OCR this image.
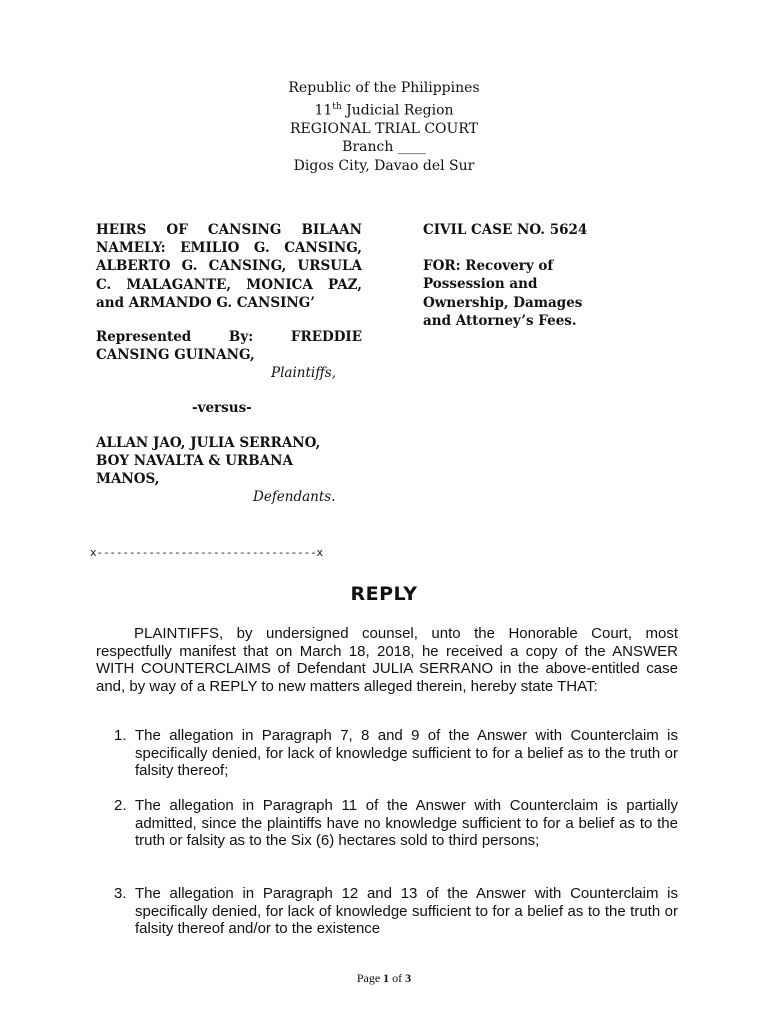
Republic of the Philippines
11th Judicial Region
REGIONAL TRIAL COURT
Branch ____
Digos City, Davao del Sur
HEIRS OF CANSING BILAAN NAMELY: EMILIO G. CANSING, ALBERTO G. CANSING, URSULA C. MALAGANTE, MONICA PAZ, and ARMANDO G. CANSING’
Represented By: FREDDIE CANSING GUINANG,
Plaintiffs,
-versus-
ALLAN JAO, JULIA SERRANO, BOY NAVALTA & URBANA MANOS,
Defendants.
CIVIL CASE NO. 5624
FOR: Recovery of
Possession and
Ownership, Damages
and Attorney’s Fees.
x----------------------------------x
REPLY
PLAINTIFFS, by undersigned counsel, unto the Honorable Court, most respectfully manifest that on March 18, 2018, he received a copy of the ANSWER WITH COUNTERCLAIMS of Defendant JULIA SERRANO in the above-entitled case and, by way of a REPLY to new matters alleged therein, hereby state THAT:
1. The allegation in Paragraph 7, 8 and 9 of the Answer with Counterclaim is specifically denied, for lack of knowledge sufficient to for a belief as to the truth or falsity thereof;
2. The allegation in Paragraph 11 of the Answer with Counterclaim is partially admitted, since the plaintiffs have no knowledge sufficient to for a belief as to the truth or falsity as to the Six (6) hectares sold to third persons;
3. The allegation in Paragraph 12 and 13 of the Answer with Counterclaim is specifically denied, for lack of knowledge sufficient to for a belief as to the truth or falsity thereof and/or to the existence
Page 1 of 3
